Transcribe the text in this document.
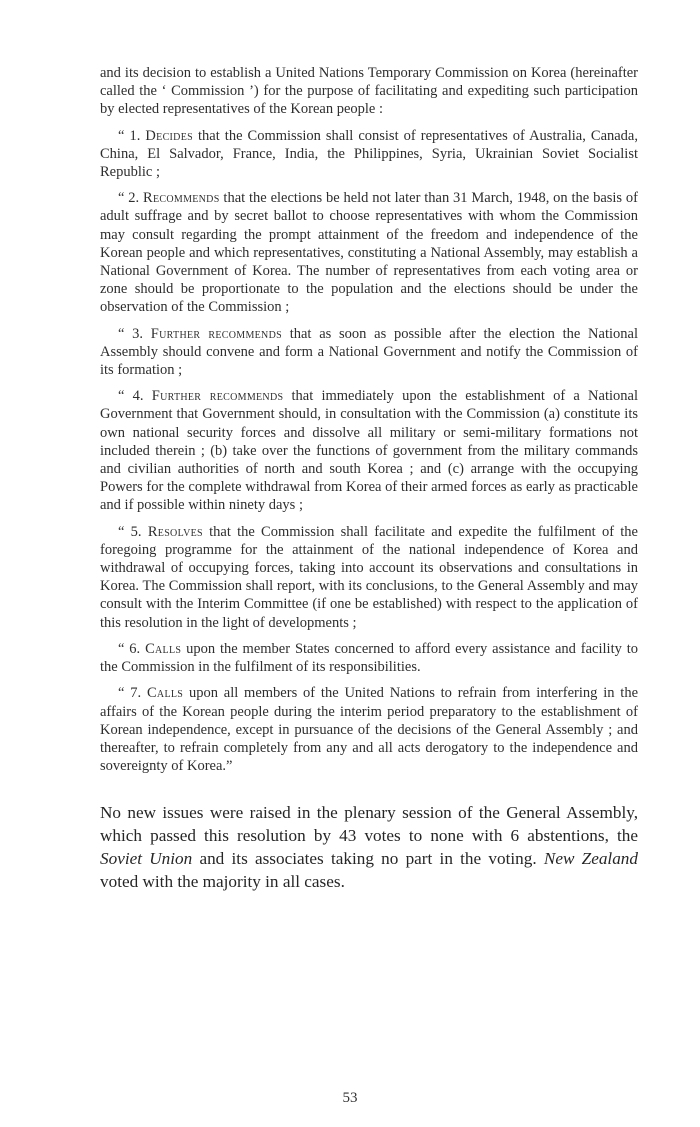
and its decision to establish a United Nations Temporary Commission on Korea (hereinafter called the ‘ Commission ’) for the purpose of facilitating and expediting such participation by elected representatives of the Korean people :

“ 1. Decides that the Commission shall consist of representatives of Australia, Canada, China, El Salvador, France, India, the Philippines, Syria, Ukrainian Soviet Socialist Republic ;

“ 2. Recommends that the elections be held not later than 31 March, 1948, on the basis of adult suffrage and by secret ballot to choose representatives with whom the Commission may consult regarding the prompt attainment of the freedom and independence of the Korean people and which representatives, constituting a National Assembly, may establish a National Government of Korea. The number of representatives from each voting area or zone should be proportionate to the population and the elections should be under the observation of the Commission ;

“ 3. Further recommends that as soon as possible after the election the National Assembly should convene and form a National Government and notify the Commission of its formation ;

“ 4. Further recommends that immediately upon the establishment of a National Government that Government should, in consultation with the Commission (a) constitute its own national security forces and dissolve all military or semi-military formations not included therein ; (b) take over the functions of government from the military commands and civilian authorities of north and south Korea ; and (c) arrange with the occupying Powers for the complete withdrawal from Korea of their armed forces as early as practicable and if possible within ninety days ;

“ 5. Resolves that the Commission shall facilitate and expedite the fulfilment of the foregoing programme for the attainment of the national independence of Korea and withdrawal of occupying forces, taking into account its observations and consultations in Korea. The Commission shall report, with its conclusions, to the General Assembly and may consult with the Interim Committee (if one be established) with respect to the application of this resolution in the light of developments ;

“ 6. Calls upon the member States concerned to afford every assistance and facility to the Commission in the fulfilment of its responsibilities.

“ 7. Calls upon all members of the United Nations to refrain from interfering in the affairs of the Korean people during the interim period preparatory to the establishment of Korean independence, except in pursuance of the decisions of the General Assembly ; and thereafter, to refrain completely from any and all acts derogatory to the independence and sovereignty of Korea.”

No new issues were raised in the plenary session of the General Assembly, which passed this resolution by 43 votes to none with 6 abstentions, the Soviet Union and its associates taking no part in the voting. New Zealand voted with the majority in all cases.

53
